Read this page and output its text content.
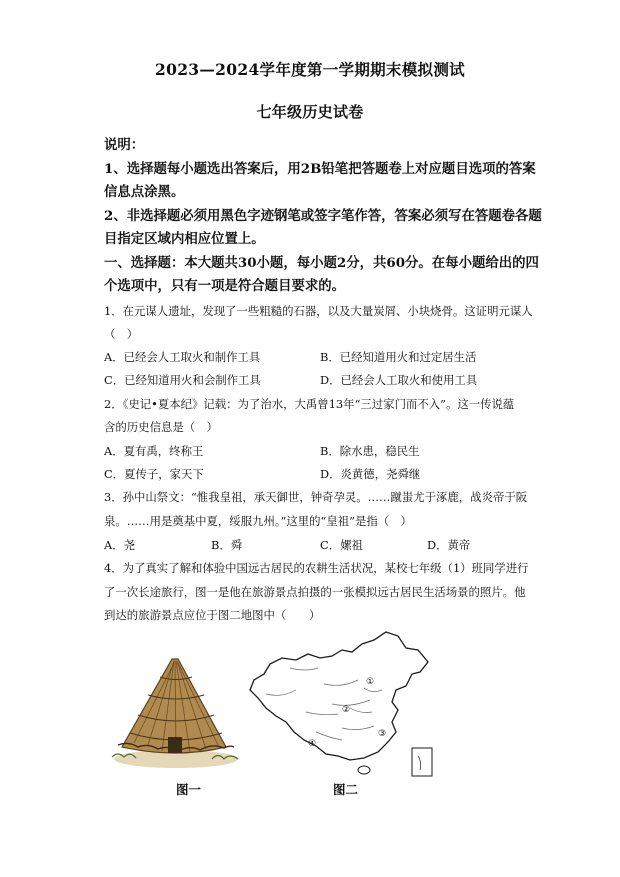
2023—2024学年度第一学期期末模拟测试
七年级历史试卷
说明：
1、选择题每小题选出答案后，用2B铅笔把答题卷上对应题目选项的答案
信息点涂黑。
2、非选择题必须用黑色字迹钢笔或签字笔作答，答案必须写在答题卷各题
目指定区域内相应位置上。
一、选择题：本大题共30小题，每小题2分，共60分。在每小题给出的四
个选项中，只有一项是符合题目要求的。
1．在元谋人遗址，发现了一些粗糙的石器，以及大量炭屑、小块烧骨。这证明元谋人
（　）
A．已经会人工取火和制作工具	B．已经知道用火和过定居生活
C．已经知道用火和会制作工具	D．已经会人工取火和使用工具
2．《史记•夏本纪》记载：为了治水，大禹曾13年“三过家门而不入”。这一传说蕴
含的历史信息是（　）
A．夏有禹，终称王	B．除水患，稳民生
C．夏传子，家天下	D．炎黄德，尧舜继
3．孙中山祭文：“惟我皇祖，承天御世，钟奇孕灵。……蹴蚩尤于涿鹿，战炎帝于阪
泉。……用是奠基中夏，绥服九州。”这里的“皇祖”是指（　）
A．尧	B．舜	C．嫘祖	D．黄帝
4．为了真实了解和体验中国远古居民的农耕生活状况，某校七年级（1）班同学进行
了一次长途旅行，图一是他在旅游景点拍摄的一张模拟远古居民生活场景的照片。他
到达的旅游景点应位于图二地图中（　　）
图一
①
②
③
④
图二
